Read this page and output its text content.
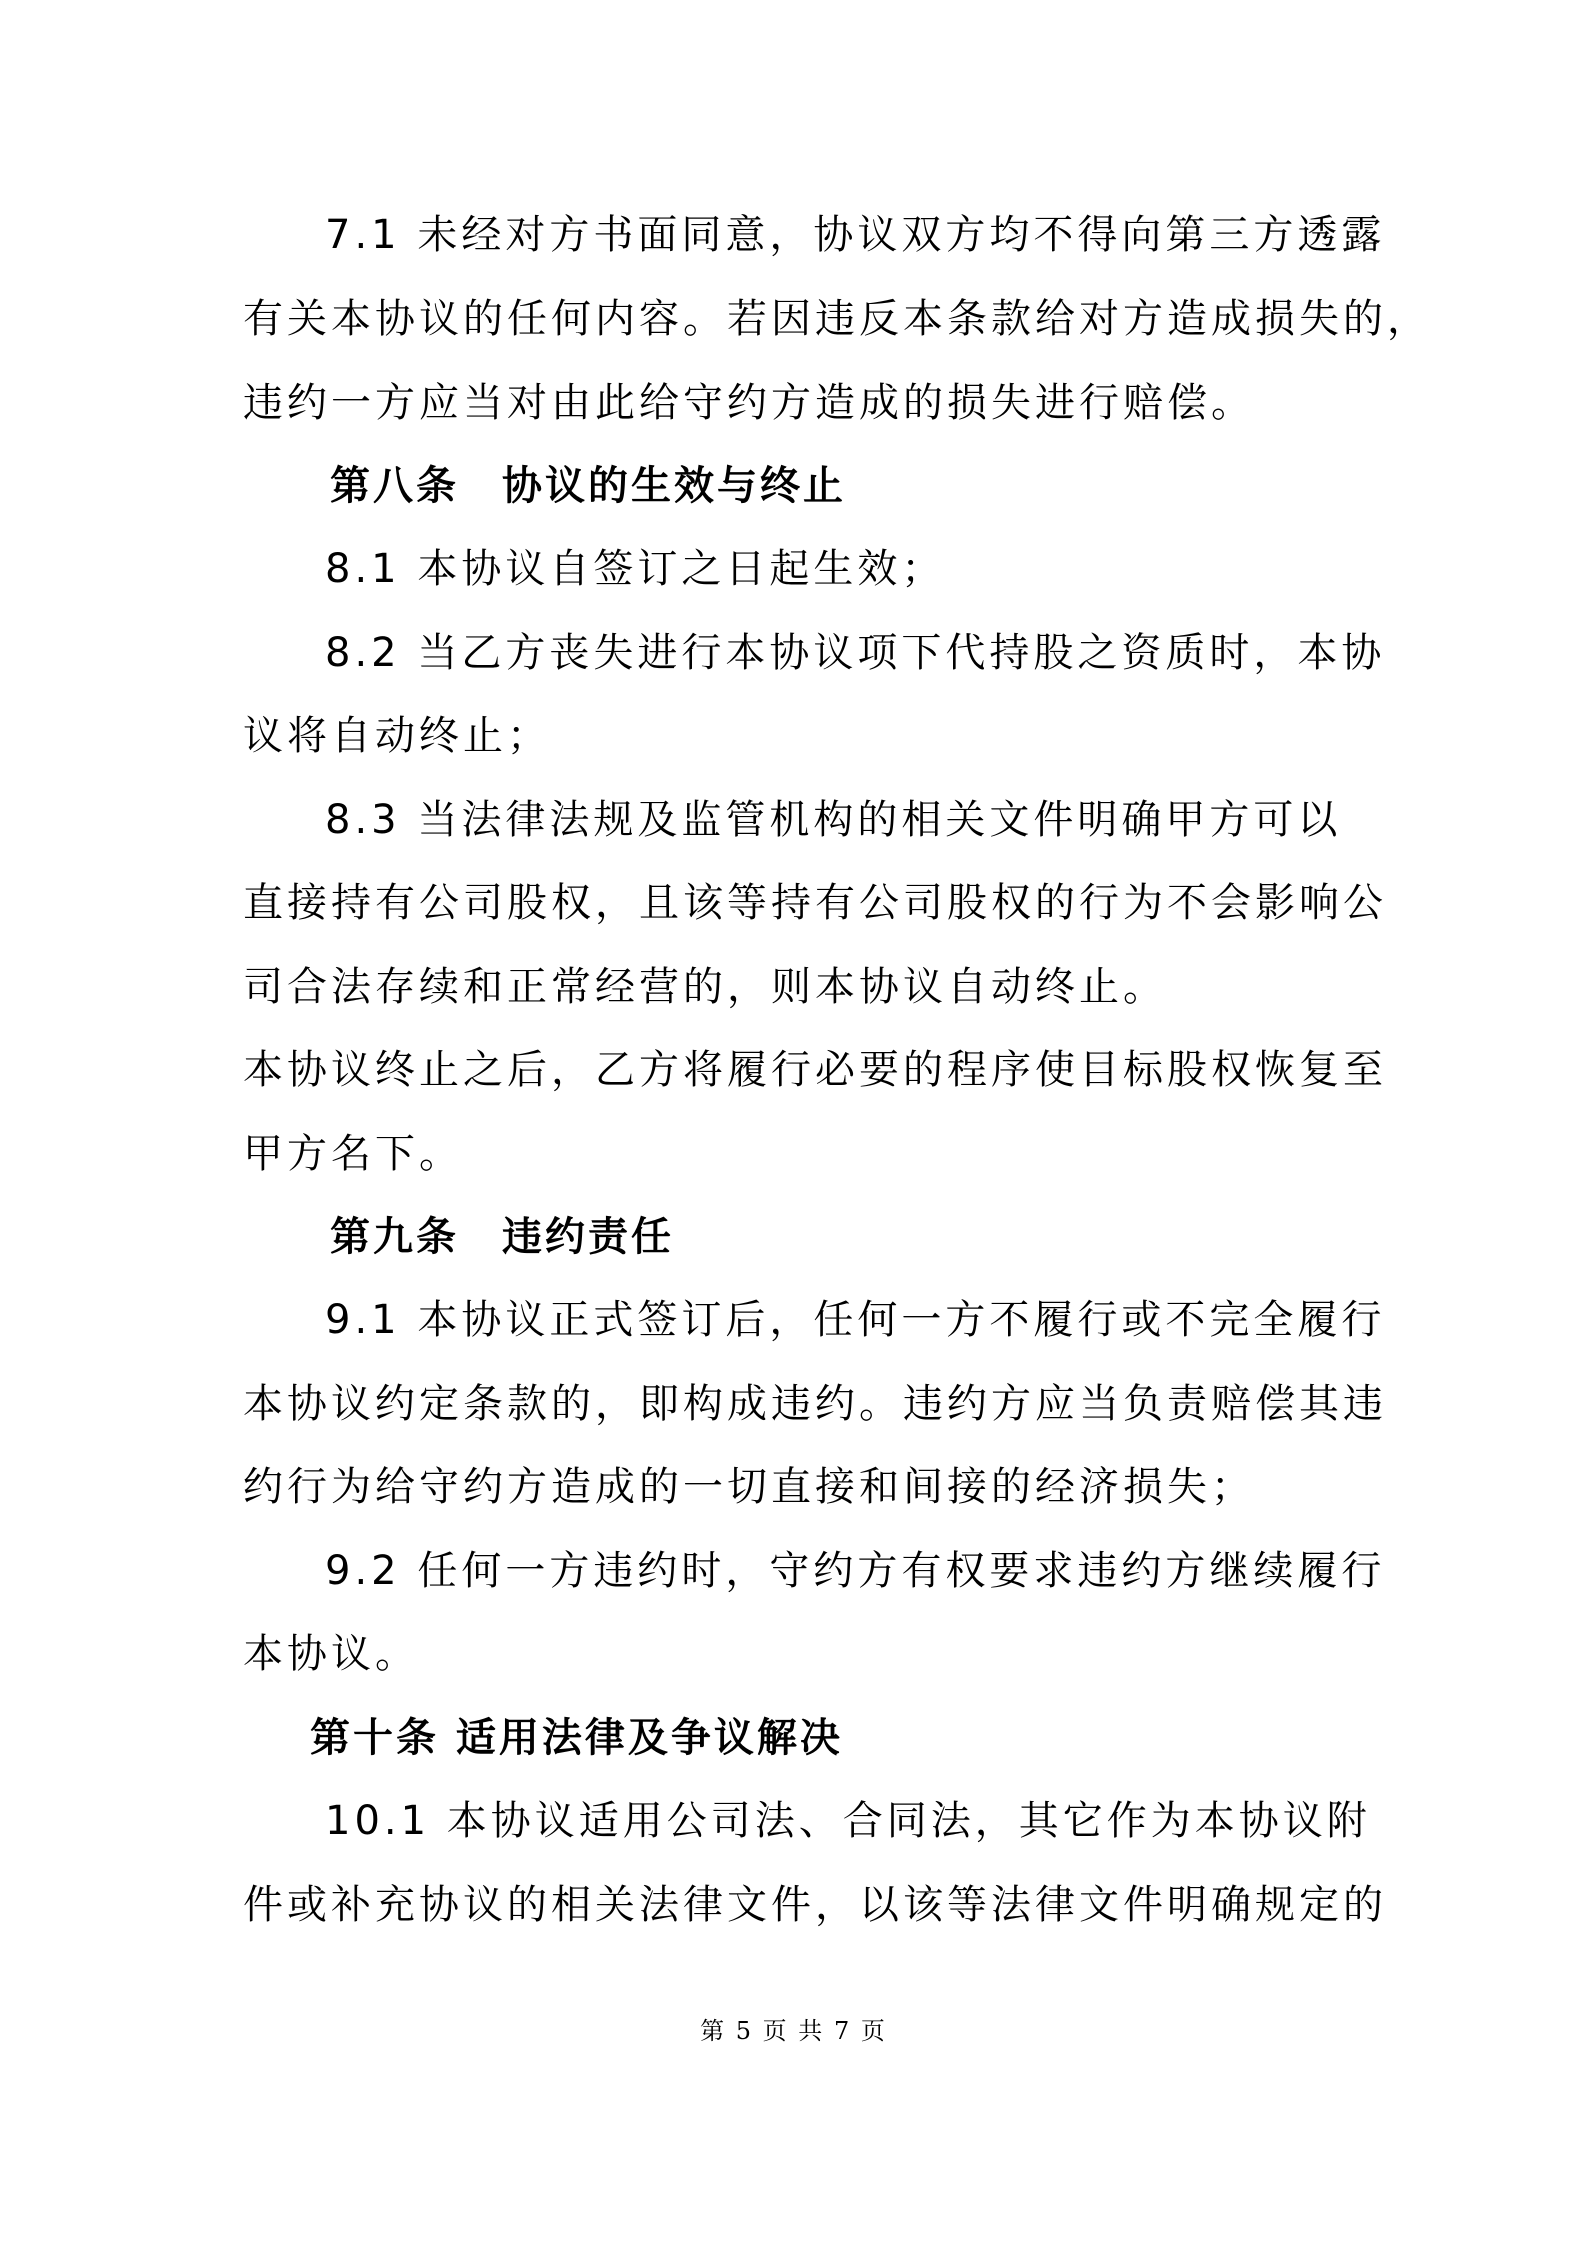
7.1 未经对方书面同意，协议双方均不得向第三方透露
有关本协议的任何内容。若因违反本条款给对方造成损失的，
违约一方应当对由此给守约方造成的损失进行赔偿。
第八条　协议的生效与终止
8.1 本协议自签订之日起生效；
8.2 当乙方丧失进行本协议项下代持股之资质时，本协
议将自动终止；
8.3 当法律法规及监管机构的相关文件明确甲方可以
直接持有公司股权，且该等持有公司股权的行为不会影响公
司合法存续和正常经营的，则本协议自动终止。
本协议终止之后，乙方将履行必要的程序使目标股权恢复至
甲方名下。
第九条　违约责任
9.1 本协议正式签订后，任何一方不履行或不完全履行
本协议约定条款的，即构成违约。违约方应当负责赔偿其违
约行为给守约方造成的一切直接和间接的经济损失；
9.2 任何一方违约时，守约方有权要求违约方继续履行
本协议。
第十条 适用法律及争议解决
10.1 本协议适用公司法、合同法，其它作为本协议附
件或补充协议的相关法律文件，以该等法律文件明确规定的
第 5 页 共 7 页
